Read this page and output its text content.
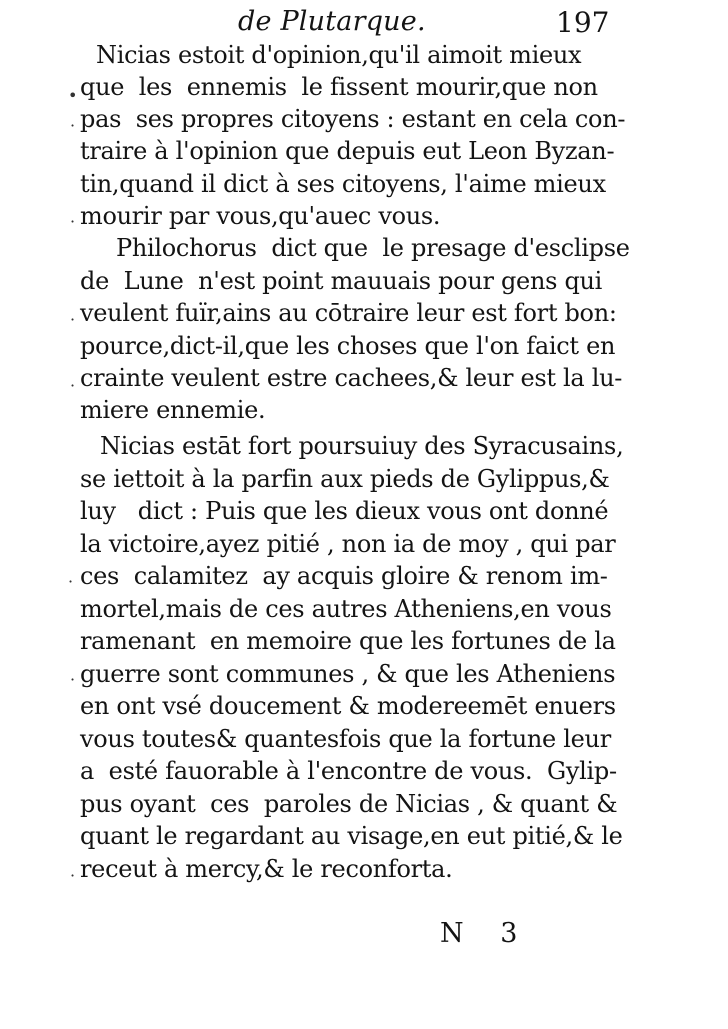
de Plutarque.	197
Nicias estoit d'opinion,qu'il aimoit mieux
que  les  ennemis  le fissent mourir,que non
pas  ses propres citoyens : estant en cela con-
traire à l'opinion que depuis eut Leon Byzan-
tin,quand il dict à ses citoyens, l'aime mieux
mourir par vous,qu'auec vous.
Philochorus  dict que  le presage d'esclipse
de  Lune  n'est point mauuais pour gens qui
veulent fuïr,ains au cōtraire leur est fort bon:
pource,dict-il,que les choses que l'on faict en
crainte veulent estre cachees,& leur est la lu-
miere ennemie.
Nicias estāt fort poursuiuy des Syracusains,
se iettoit à la parfin aux pieds de Gylippus,&
luy   dict : Puis que les dieux vous ont donné
la victoire,ayez pitié , non ia de moy , qui par
ces  calamitez  ay acquis gloire & renom im-
mortel,mais de ces autres Atheniens,en vous
ramenant  en memoire que les fortunes de la
guerre sont communes , & que les Atheniens
en ont vsé doucement & modereemēt enuers
vous toutes& quantesfois que la fortune leur
a  esté fauorable à l'encontre de vous.  Gylip-
pus oyant  ces  paroles de Nicias , & quant &
quant le regardant au visage,en eut pitié,& le
receut à mercy,& le reconforta.
•
·
·
·
·
·
·
·
N 3
